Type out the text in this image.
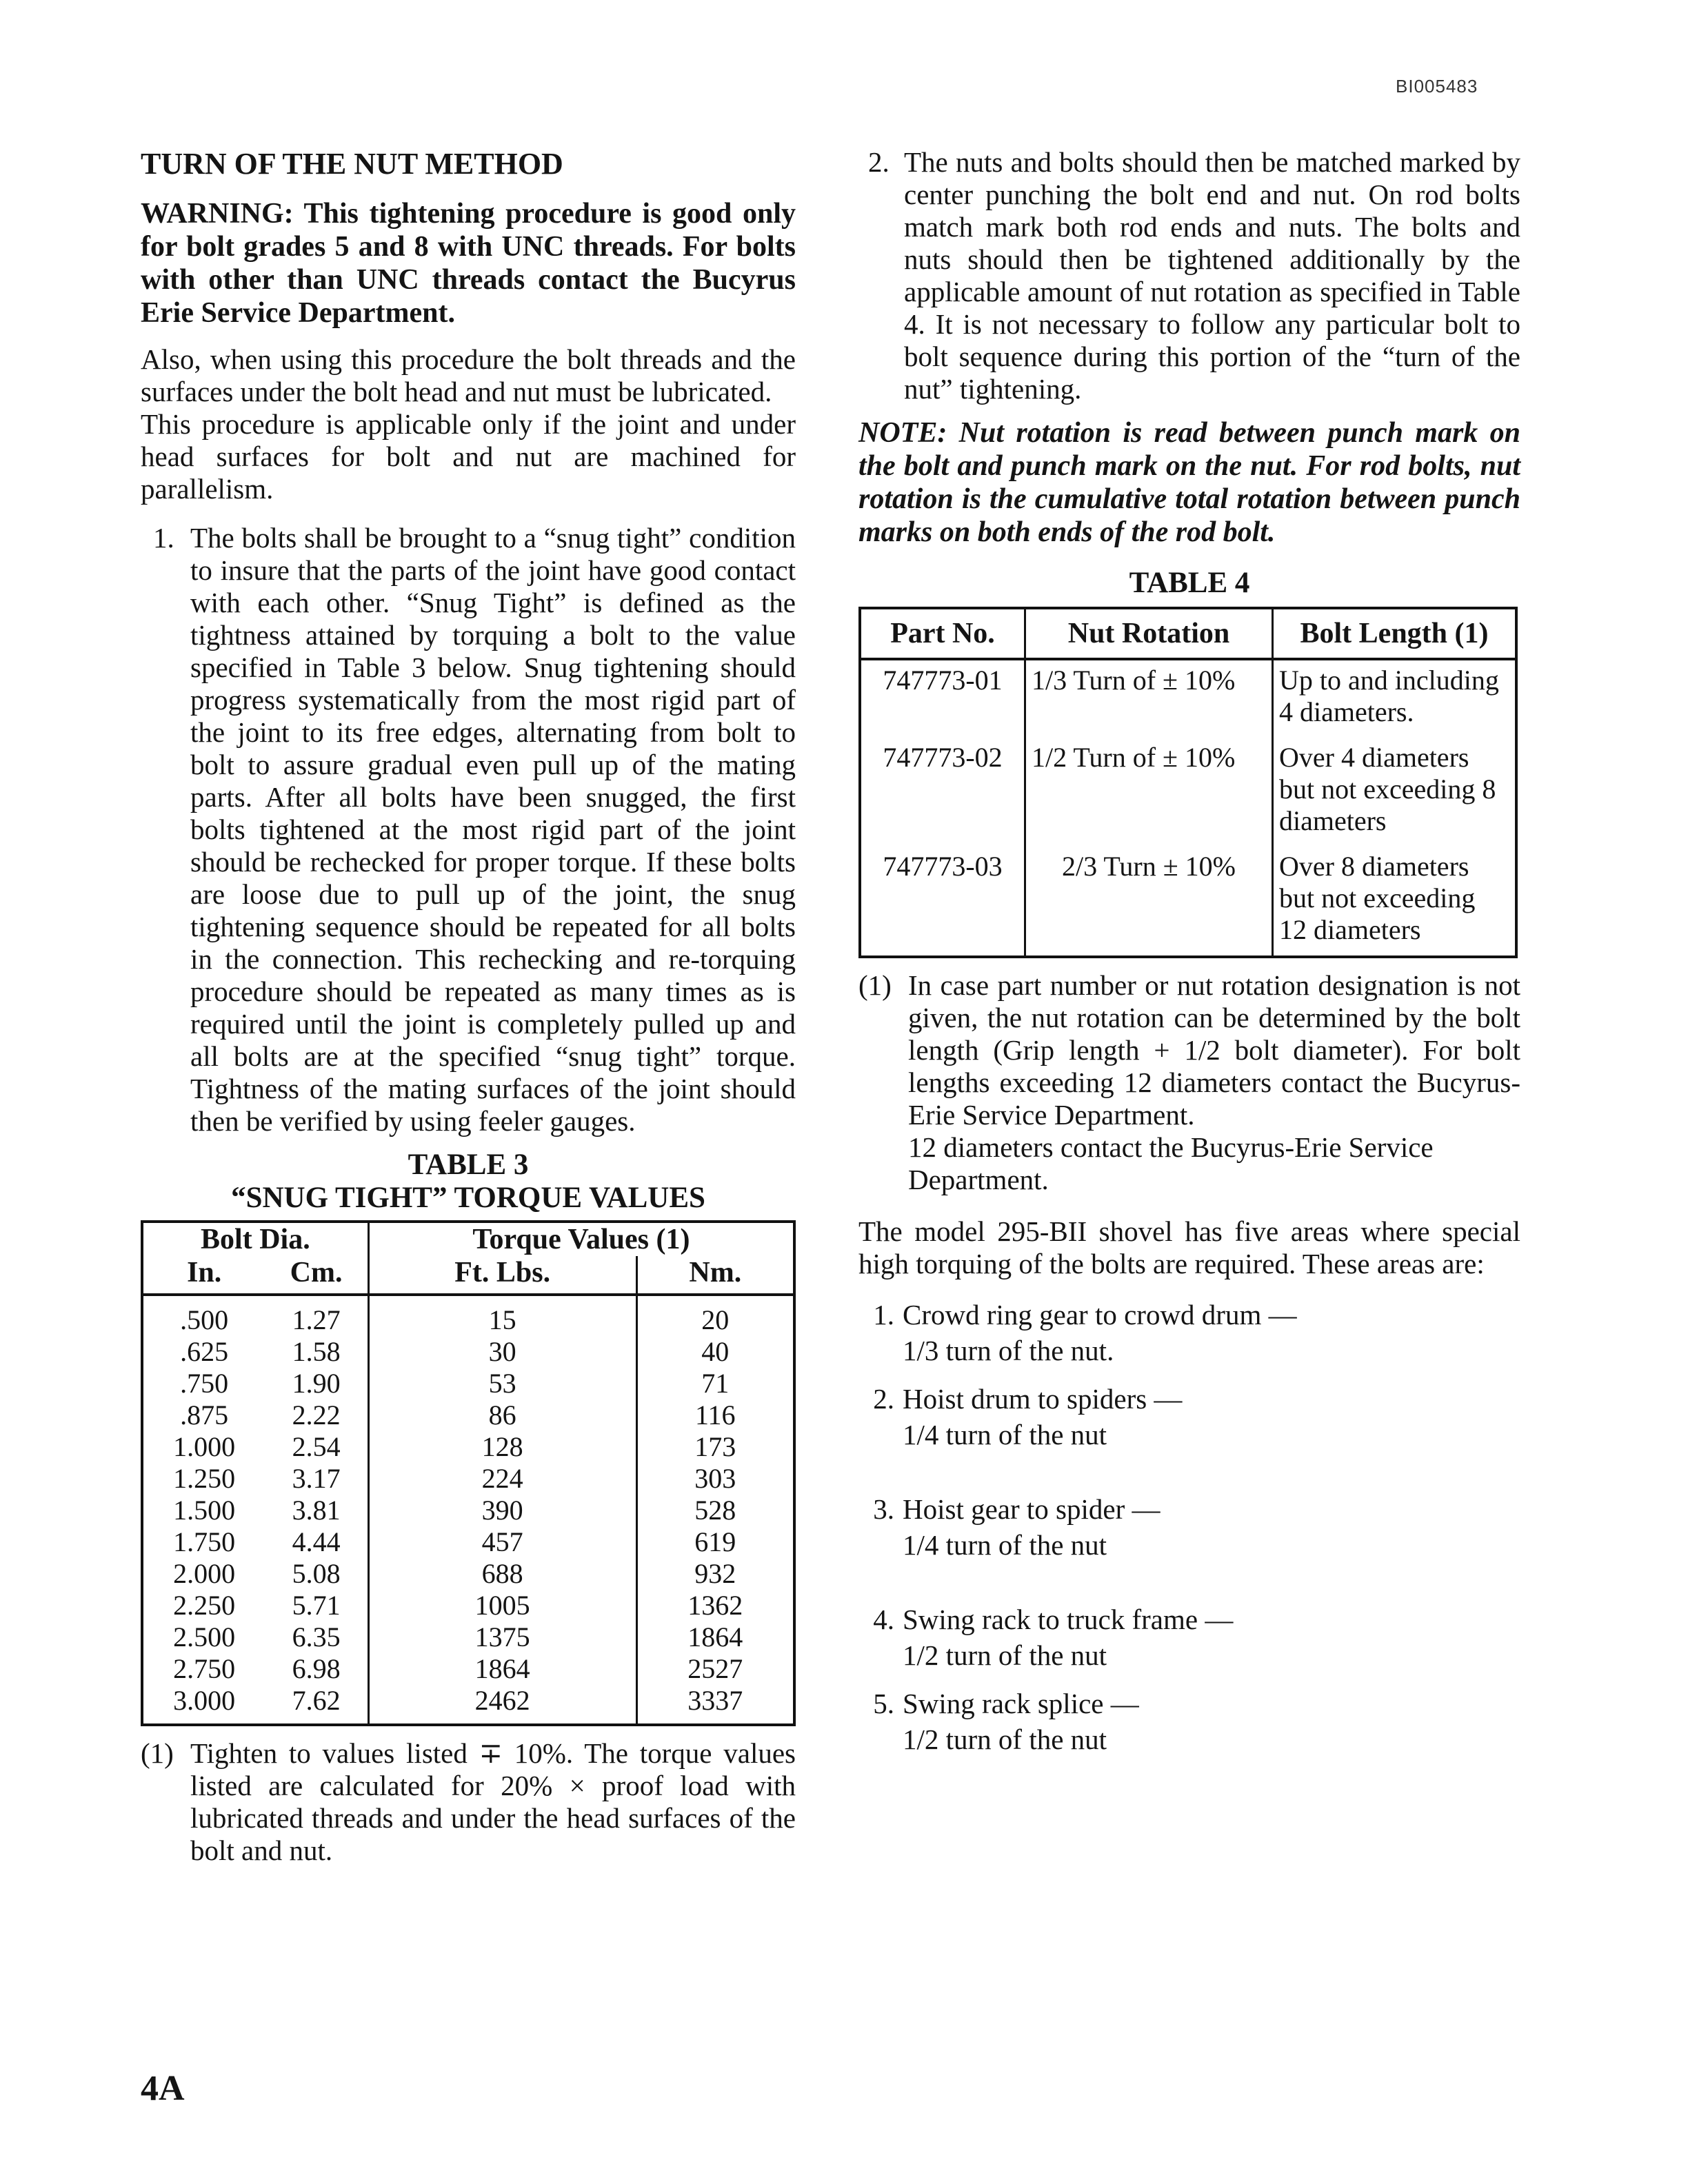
BI005483

TURN OF THE NUT METHOD

WARNING: This tightening procedure is good only for bolt grades 5 and 8 with UNC threads. For bolts with other than UNC threads contact the Bucyrus Erie Service Department.

Also, when using this procedure the bolt threads and the surfaces under the bolt head and nut must be lubricated.

This procedure is applicable only if the joint and under head surfaces for bolt and nut are machined for parallelism.

1. The bolts shall be brought to a “snug tight” condition to insure that the parts of the joint have good contact with each other. “Snug Tight” is defined as the tightness attained by torquing a bolt to the value specified in Table 3 below. Snug tightening should progress systematically from the most rigid part of the joint to its free edges, alternating from bolt to bolt to assure gradual even pull up of the mating parts. After all bolts have been snugged, the first bolts tightened at the most rigid part of the joint should be rechecked for proper torque. If these bolts are loose due to pull up of the joint, the snug tightening sequence should be repeated for all bolts in the connection. This rechecking and re-torquing procedure should be repeated as many times as is required until the joint is completely pulled up and all bolts are at the specified “snug tight” torque. Tightness of the mating surfaces of the joint should then be verified by using feeler gauges.
TABLE 3
“SNUG TIGHT” TORQUE VALUES
Bolt Dia.		Torque Values (1)	
In.	Cm.	Ft. Lbs.	Nm.
.500	1.27	15	20
.625	1.58	30	40
.750	1.90	53	71
.875	2.22	86	116
1.000	2.54	128	173
1.250	3.17	224	303
1.500	3.81	390	528
1.750	4.44	457	619
2.000	5.08	688	932
2.250	5.71	1005	1362
2.500	6.35	1375	1864
2.750	6.98	1864	2527
3.000	7.62	2462	3337
(1) Tighten to values listed ∓ 10%. The torque values listed are calculated for 20% × proof load with lubricated threads and under the head surfaces of the bolt and nut.
2. The nuts and bolts should then be matched marked by center punching the bolt end and nut. On rod bolts match mark both rod ends and nuts. The bolts and nuts should then be tightened additionally by the applicable amount of nut rotation as specified in Table 4. It is not necessary to follow any particular bolt to bolt sequence during this portion of the “turn of the nut” tightening.

NOTE: Nut rotation is read between punch mark on the bolt and punch mark on the nut. For rod bolts, nut rotation is the cumulative total rotation between punch marks on both ends of the rod bolt.

TABLE 4
Part No.	Nut Rotation	Bolt Length (1)
747773-01	1/3 Turn of ± 10%	Up to and including 4 diameters.
747773-02	1/2 Turn of ± 10%	Over 4 diameters but not exceeding 8 diameters
747773-03	2/3 Turn ± 10%	Over 8 diameters but not exceeding 12 diameters
(1) In case part number or nut rotation designation is not given, the nut rotation can be determined by the bolt length (Grip length + 1/2 bolt diameter). For bolt lengths exceeding 12 diameters contact the Bucyrus-Erie Service Department.

12 diameters contact the Bucyrus-Erie Service Department.

The model 295-BII shovel has five areas where special high torquing of the bolts are required. These areas are:

1. Crowd ring gear to crowd drum —
1/3 turn of the nut.
2. Hoist drum to spiders —
1/4 turn of the nut
3. Hoist gear to spider —
1/4 turn of the nut
4. Swing rack to truck frame —
1/2 turn of the nut
5. Swing rack splice —
1/2 turn of the nut
4A
